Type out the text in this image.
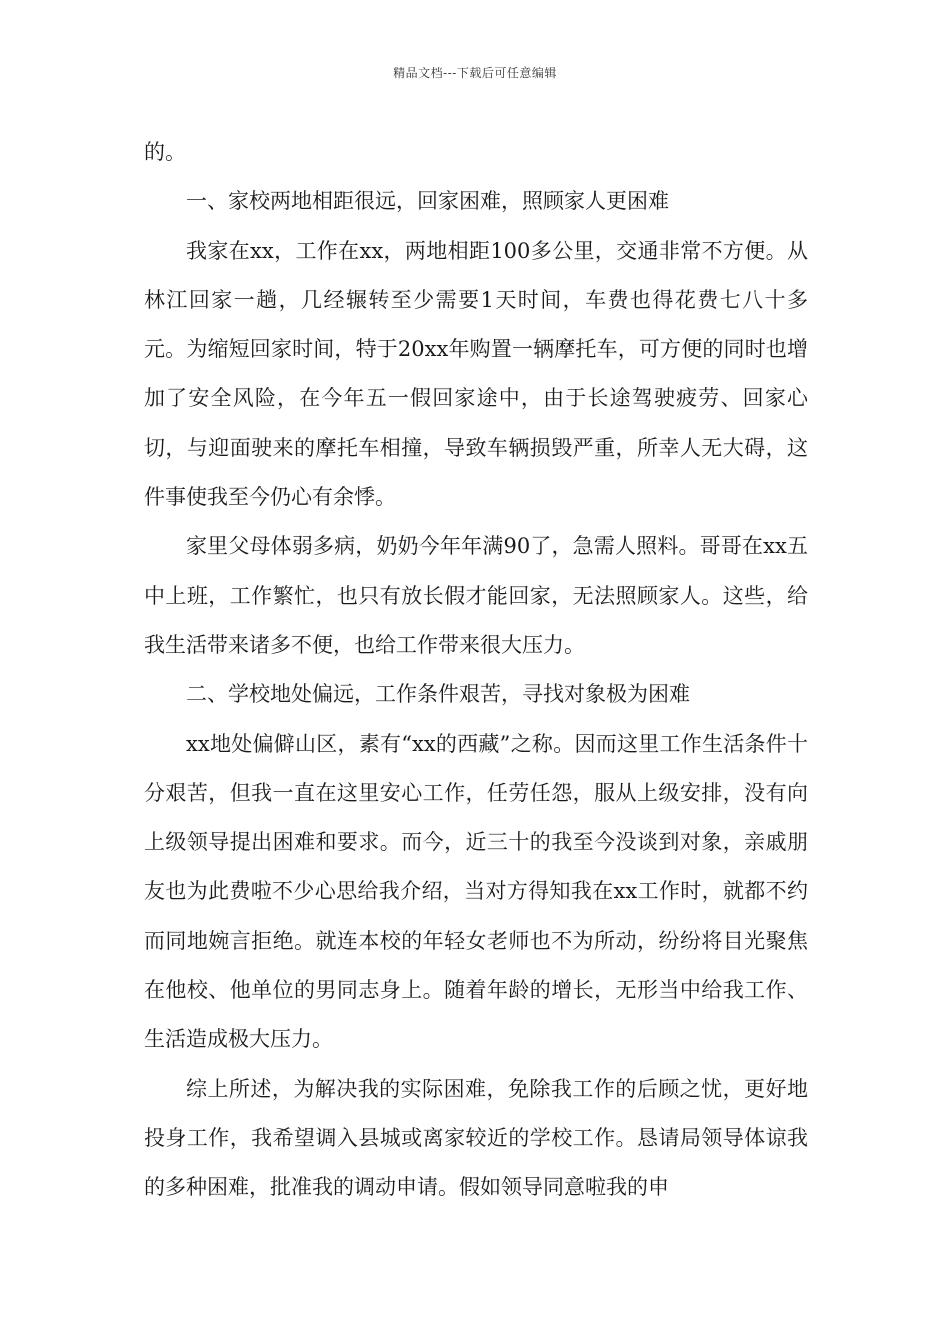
精品文档---下载后可任意编辑

的。

一、家校两地相距很远，回家困难，照顾家人更困难

我家在xx，工作在xx，两地相距100多公里，交通非常不方便。从林江回家一趟，几经辗转至少需要1天时间，车费也得花费七八十多元。为缩短回家时间，特于20xx年购置一辆摩托车，可方便的同时也增加了安全风险，在今年五一假回家途中，由于长途驾驶疲劳、回家心切，与迎面驶来的摩托车相撞，导致车辆损毁严重，所幸人无大碍，这件事使我至今仍心有余悸。

家里父母体弱多病，奶奶今年年满90了，急需人照料。哥哥在xx五中上班，工作繁忙，也只有放长假才能回家，无法照顾家人。这些，给我生活带来诸多不便，也给工作带来很大压力。

二、学校地处偏远，工作条件艰苦，寻找对象极为困难

xx地处偏僻山区，素有“xx的西藏”之称。因而这里工作生活条件十分艰苦，但我一直在这里安心工作，任劳任怨，服从上级安排，没有向上级领导提出困难和要求。而今，近三十的我至今没谈到对象，亲戚朋友也为此费啦不少心思给我介绍，当对方得知我在xx工作时，就都不约而同地婉言拒绝。就连本校的年轻女老师也不为所动，纷纷将目光聚焦在他校、他单位的男同志身上。随着年龄的增长，无形当中给我工作、生活造成极大压力。

综上所述，为解决我的实际困难，免除我工作的后顾之忧，更好地投身工作，我希望调入县城或离家较近的学校工作。恳请局领导体谅我的多种困难，批准我的调动申请。假如领导同意啦我的申
